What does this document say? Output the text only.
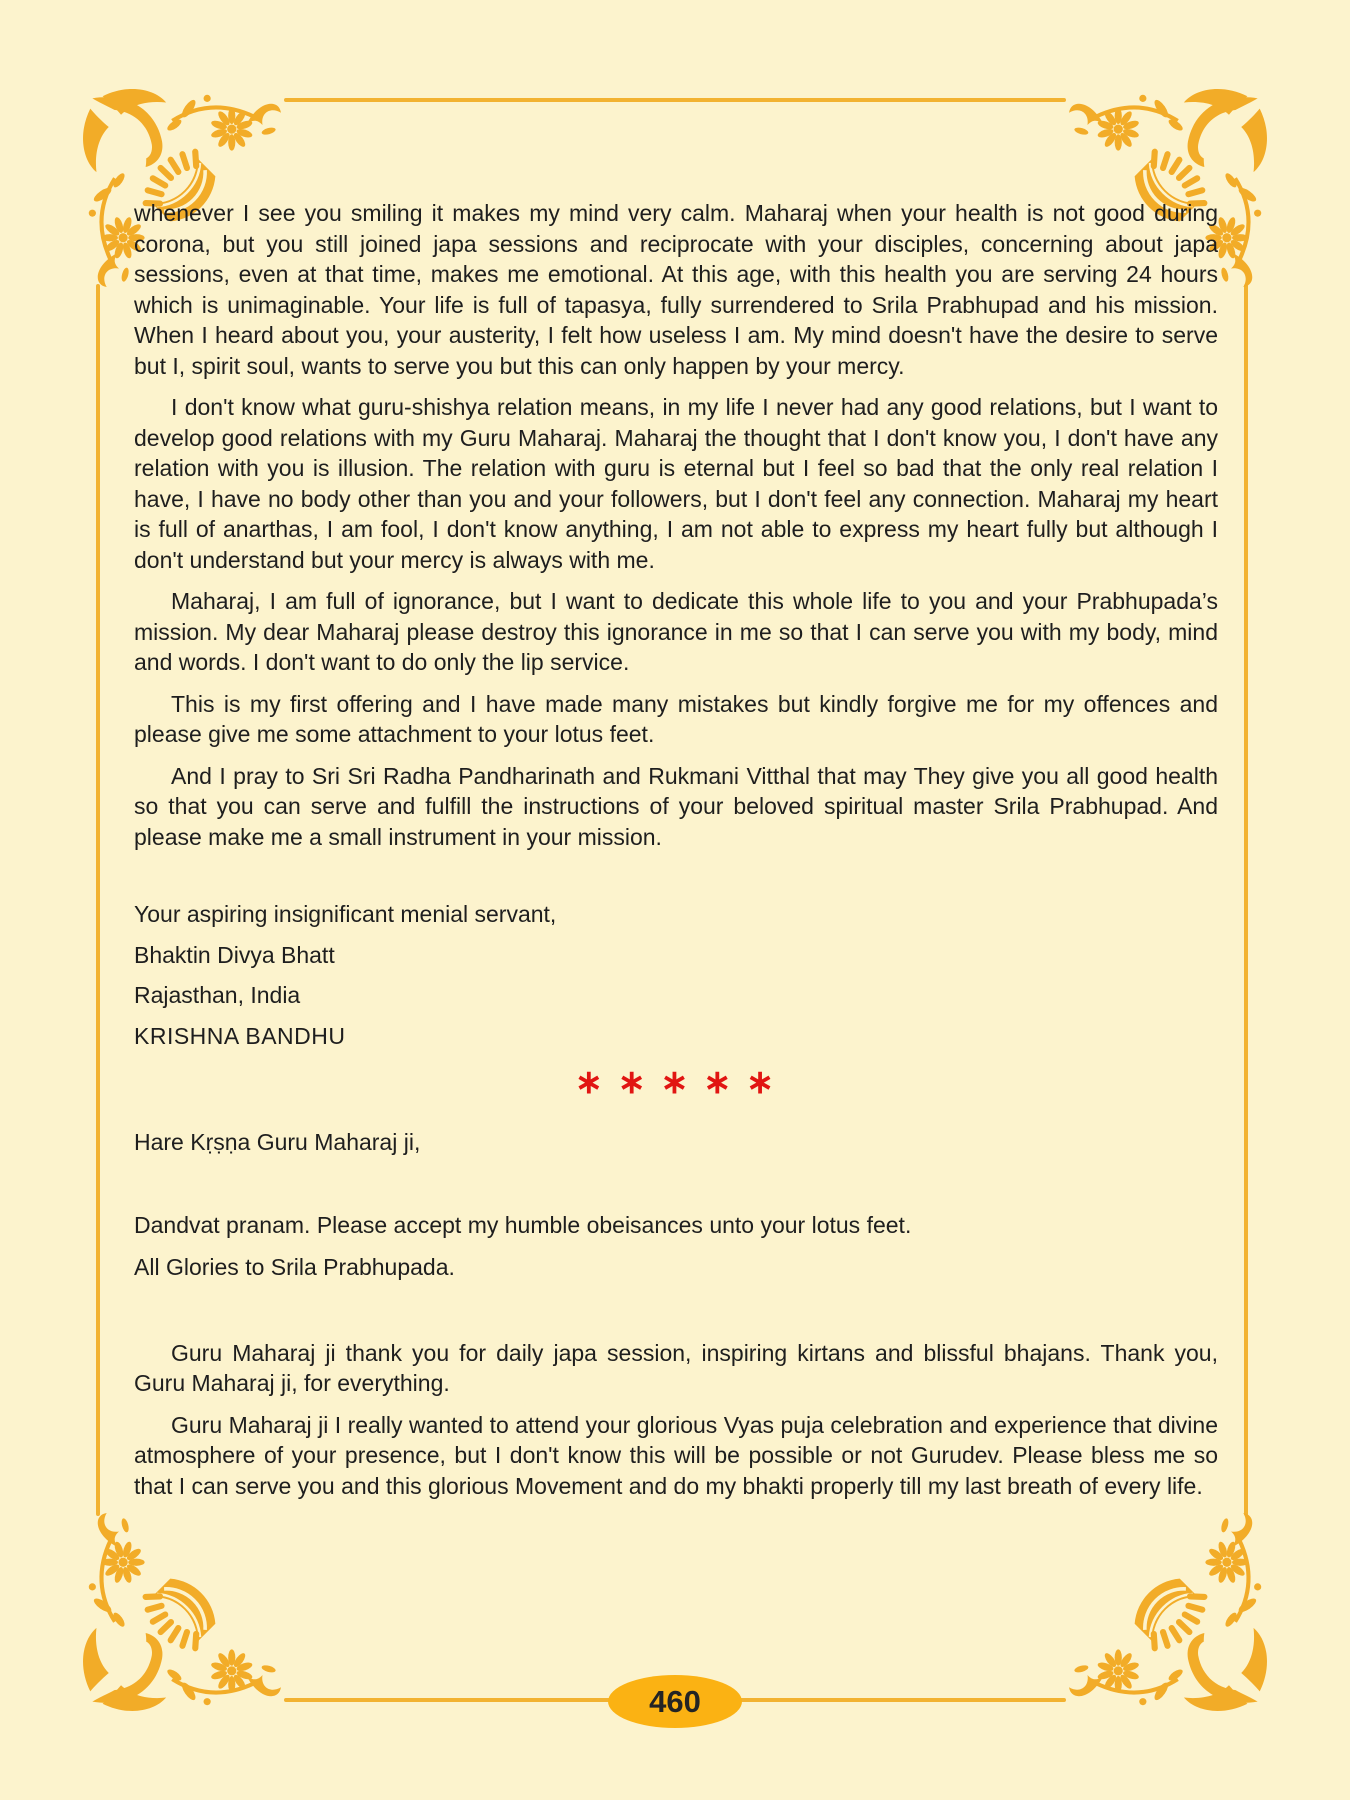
whenever I see you smiling it makes my mind very calm. Maharaj when your health is not good during corona, but you still joined japa sessions and reciprocate with your disciples, concerning about japa sessions, even at that time, makes me emotional. At this age, with this health you are serving 24 hours which is unimaginable. Your life is full of tapasya, fully surrendered to Srila Prabhupad and his mission. When I heard about you, your austerity, I felt how useless I am. My mind doesn't have the desire to serve but I, spirit soul, wants to serve you but this can only happen by your mercy.

I don't know what guru-shishya relation means, in my life I never had any good relations, but I want to develop good relations with my Guru Maharaj. Maharaj the thought that I don't know you, I don't have any relation with you is illusion. The relation with guru is eternal but I feel so bad that the only real relation I have, I have no body other than you and your followers, but I don't feel any connection. Maharaj my heart is full of anarthas, I am fool, I don't know anything, I am not able to express my heart fully but although I don't understand but your mercy is always with me.

Maharaj, I am full of ignorance, but I want to dedicate this whole life to you and your Prabhupada’s mission. My dear Maharaj please destroy this ignorance in me so that I can serve you with my body, mind and words. I don't want to do only the lip service.

This is my first offering and I have made many mistakes but kindly forgive me for my offences and please give me some attachment to your lotus feet.

And I pray to Sri Sri Radha Pandharinath and Rukmani Vitthal that may They give you all good health so that you can serve and fulfill the instructions of your beloved spiritual master Srila Prabhupad. And please make me a small instrument in your mission.

Your aspiring insignificant menial servant,

Bhaktin Divya Bhatt

Rajasthan, India

KRISHNA BANDHU

∗ ∗ ∗ ∗ ∗

Hare Kṛṣṇa Guru Maharaj ji,

Dandvat pranam. Please accept my humble obeisances unto your lotus feet.

All Glories to Srila Prabhupada.

Guru Maharaj ji thank you for daily japa session, inspiring kirtans and blissful bhajans. Thank you, Guru Maharaj ji, for everything.

Guru Maharaj ji I really wanted to attend your glorious Vyas puja celebration and experience that divine atmosphere of your presence, but I don't know this will be possible or not Gurudev. Please bless me so that I can serve you and this glorious Movement and do my bhakti properly till my last breath of every life.

460
